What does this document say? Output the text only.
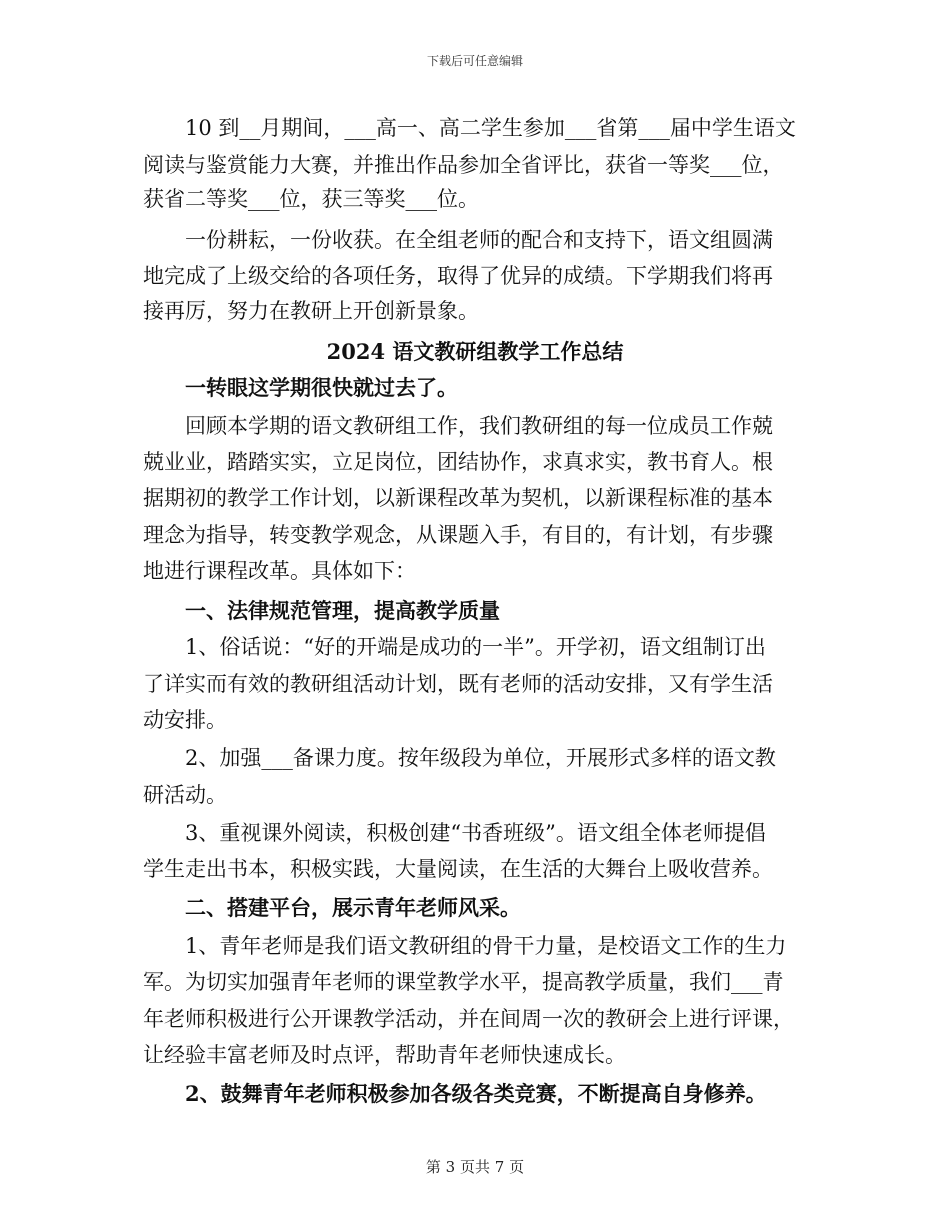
下载后可任意编辑
　　10 到__月期间，___高一、高二学生参加___省第___届中学生语文
阅读与鉴赏能力大赛，并推出作品参加全省评比，获省一等奖___位，
获省二等奖___位，获三等奖___位。
　　一份耕耘，一份收获。在全组老师的配合和支持下，语文组圆满
地完成了上级交给的各项任务，取得了优异的成绩。下学期我们将再
接再厉，努力在教研上开创新景象。
2024 语文教研组教学工作总结
一转眼这学期很快就过去了。
　　回顾本学期的语文教研组工作，我们教研组的每一位成员工作兢
兢业业，踏踏实实，立足岗位，团结协作，求真求实，教书育人。根
据期初的教学工作计划，以新课程改革为契机，以新课程标准的基本
理念为指导，转变教学观念，从课题入手，有目的，有计划，有步骤
地进行课程改革。具体如下：
　　一、法律规范管理，提高教学质量
　　1、俗话说：“好的开端是成功的一半”。开学初，语文组制订出
了详实而有效的教研组活动计划，既有老师的活动安排，又有学生活
动安排。
　　2、加强___备课力度。按年级段为单位，开展形式多样的语文教
研活动。
　　3、重视课外阅读，积极创建“书香班级”。语文组全体老师提倡
学生走出书本，积极实践，大量阅读，在生活的大舞台上吸收营养。
　　二、搭建平台，展示青年老师风采。
　　1、青年老师是我们语文教研组的骨干力量，是校语文工作的生力
军。为切实加强青年老师的课堂教学水平，提高教学质量，我们___青
年老师积极进行公开课教学活动，并在间周一次的教研会上进行评课，
让经验丰富老师及时点评，帮助青年老师快速成长。
　　2、鼓舞青年老师积极参加各级各类竞赛，不断提高自身修养。
第 3 页共 7 页
